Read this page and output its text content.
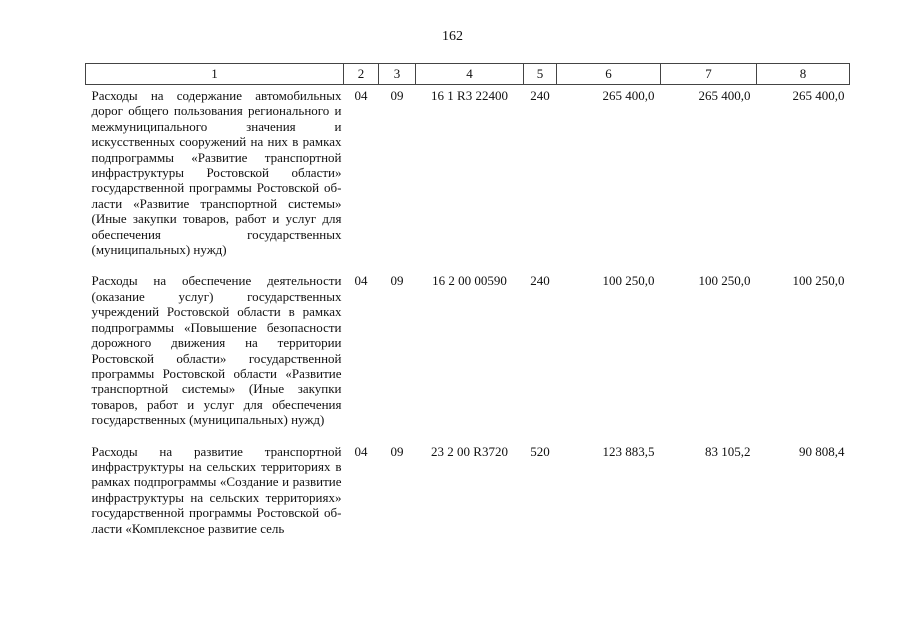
162
1	2	3	4	5	6	7	8
Расходы на содержание автомобильных дорог общего пользования регионального и межмуниципального значения и искусственных сооружений на них в рамках подпрограммы «Развитие транспортной инфраструктуры Ростовской области» государственной программы Ростовской области «Развитие транспортной системы» (Иные закупки товаров, работ и услуг для обеспечения государственных (муниципальных) нужд)	04	09	16 1 R3 22400	240	265 400,0	265 400,0	265 400,0
Расходы на обеспечение деятельности (оказание услуг) государственных учреждений Ростовской области в рамках подпрограммы «Повышение безопасности дорожного движения на территории Ростовской области» государственной программы Ростовской области «Развитие транспортной системы» (Иные закупки товаров, работ и услуг для обеспечения государственных (муниципальных) нужд)	04	09	16 2 00 00590	240	100 250,0	100 250,0	100 250,0
Расходы на развитие транспортной инфраструктуры на сельских территориях в рамках подпрограммы «Создание и развитие инфраструктуры на сельских территориях» государственной программы Ростовской области «Комплексное развитие сель	04	09	23 2 00 R3720	520	123 883,5	83 105,2	90 808,4
